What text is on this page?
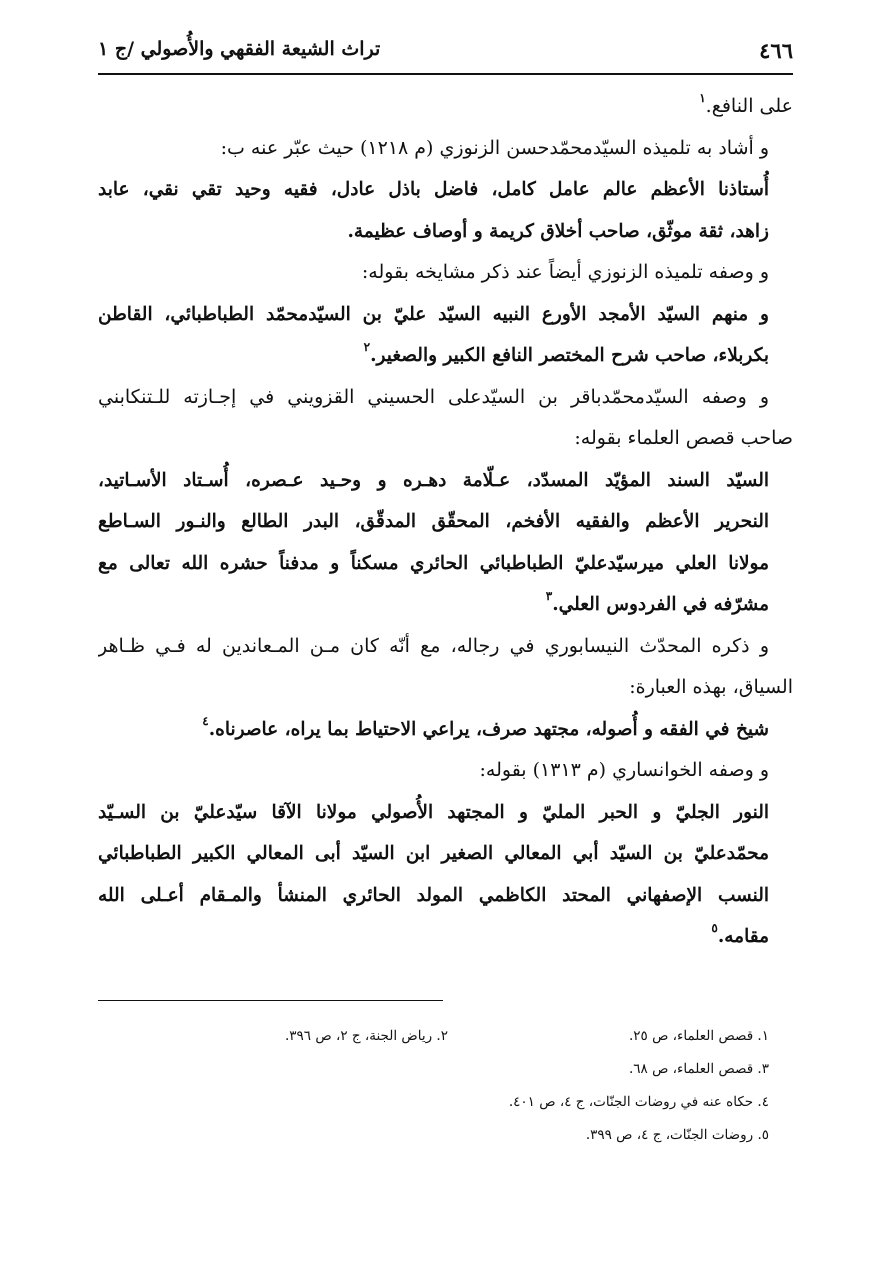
٤٦٦
تراث الشيعة الفقهي والأُصولي /ج ١
على النافع.$^١$
و أشاد به تلميذه السيّدمحمّدحسن الزنوزي (م ١٢١٨) حيث عبّر عنه ب:
أُستاذنا الأعظم عالم عامل كامل، فاضل باذل عادل، فقيه وحيد تقي نقي، عابد
زاهد، ثقة موثّق، صاحب أخلاق كريمة و أوصاف عظيمة.
و وصفه تلميذه الزنوزي أيضاً عند ذكر مشايخه بقوله:
و منهم السيّد الأمجد الأورع النبيه السيّد عليّ بن السيّدمحمّد الطباطبائي، القاطن
بكربلاء، صاحب شرح المختصر النافع الكبير والصغير.$^٢$
و وصفه السيّدمحمّدباقر بن السيّدعلى الحسيني القزويني في إجـازته للـتنكابني
صاحب قصص العلماء بقوله:
السيّد السند المؤيّد المسدّد، عـلّامة دهـره و وحـيد عـصره، أُسـتاد الأسـاتيد،
النحرير الأعظم والفقيه الأفخم، المحقّق المدقّق، البدر الطالع والنـور السـاطع
مولانا العلي ميرسيّدعليّ الطباطبائي الحائري مسكناً و مدفناً حشره الله تعالى مع
مشرّفه في الفردوس العلي.$^٣$
و ذكره المحدّث النيسابوري في رجاله، مع أنّه كان مـن المـعاندين له فـي ظـاهر
السياق، بهذه العبارة:
شيخ في الفقه و أُصوله، مجتهد صرف، يراعي الاحتياط بما يراه، عاصرناه.$^٤$
و وصفه الخوانساري (م ١٣١٣) بقوله:
النور الجليّ و الحبر المليّ و المجتهد الأُصولي مولانا الآقا سيّدعليّ بن السـيّد
محمّدعليّ بن السيّد أبي المعالي الصغير ابن السيّد أبى المعالي الكبير الطباطبائي
النسب الإصفهاني المحتد الكاظمي المولد الحائري المنشأ والمـقام أعـلى الله
مقامه.$^٥$
١. قصص العلماء، ص ٢٥.
٢. رياض الجنة، ج ٢، ص ٣٩٦.
٣. قصص العلماء، ص ٦٨.
٤. حكاه عنه في روضات الجنّات، ج ٤، ص ٤٠١.
٥. روضات الجنّات، ج ٤، ص ٣٩٩.
